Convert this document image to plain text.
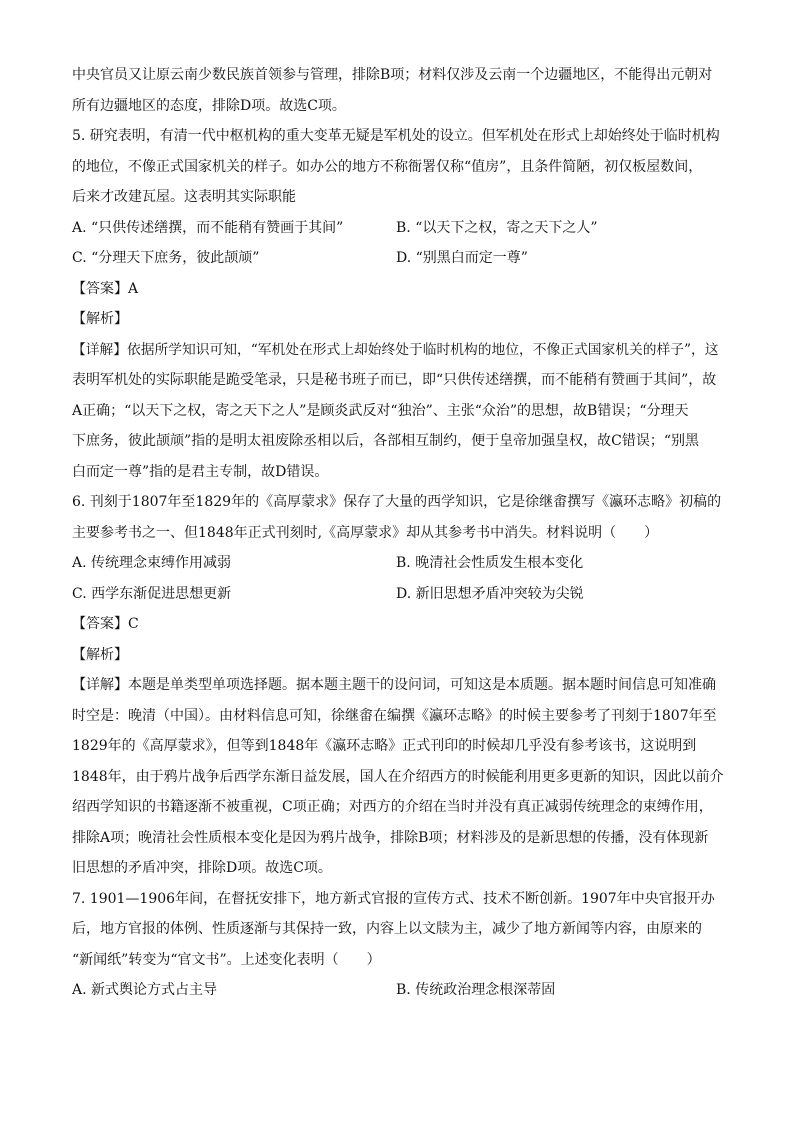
中央官员又让原云南少数民族首领参与管理，排除B项；材料仅涉及云南一个边疆地区，不能得出元朝对
所有边疆地区的态度，排除D项。故选C项。
5. 研究表明，有清一代中枢机构的重大变革无疑是军机处的设立。但军机处在形式上却始终处于临时机构
的地位，不像正式国家机关的样子。如办公的地方不称衙署仅称“值房”，且条件简陋，初仅板屋数间，
后来才改建瓦屋。这表明其实际职能
A. “只供传述缮撰，而不能稍有赞画于其间”	B. “以天下之权，寄之天下之人”
C. “分理天下庶务，彼此颉颃”	D. “别黑白而定一尊”
【答案】A
【解析】
【详解】依据所学知识可知，“军机处在形式上却始终处于临时机构的地位，不像正式国家机关的样子”，这
表明军机处的实际职能是跪受笔录，只是秘书班子而已，即“只供传述缮撰，而不能稍有赞画于其间”，故
A正确；“以天下之权，寄之天下之人”是顾炎武反对“独治”、主张“众治”的思想，故B错误；“分理天
下庶务，彼此颉颃”指的是明太祖废除丞相以后，各部相互制约，便于皇帝加强皇权，故C错误；“别黑
白而定一尊”指的是君主专制，故D错误。
6. 刊刻于1807年至1829年的《高厚蒙求》保存了大量的西学知识，它是徐继畬撰写《瀛环志略》初稿的
主要参考书之一、但1848年正式刊刻时,《高厚蒙求》却从其参考书中消失。材料说明（　　）
A. 传统理念束缚作用减弱	B. 晚清社会性质发生根本变化
C. 西学东渐促进思想更新	D. 新旧思想矛盾冲突较为尖锐
【答案】C
【解析】
【详解】本题是单类型单项选择题。据本题主题干的设问词，可知这是本质题。据本题时间信息可知准确
时空是：晚清（中国）。由材料信息可知，徐继畬在编撰《瀛环志略》的时候主要参考了刊刻于1807年至
1829年的《高厚蒙求》，但等到1848年《瀛环志略》正式刊印的时候却几乎没有参考该书，这说明到
1848年，由于鸦片战争后西学东渐日益发展，国人在介绍西方的时候能利用更多更新的知识，因此以前介
绍西学知识的书籍逐渐不被重视，C项正确；对西方的介绍在当时并没有真正减弱传统理念的束缚作用，
排除A项；晚清社会性质根本变化是因为鸦片战争，排除B项；材料涉及的是新思想的传播，没有体现新
旧思想的矛盾冲突，排除D项。故选C项。
7. 1901—1906年间，在督抚安排下，地方新式官报的宣传方式、技术不断创新。1907年中央官报开办
后，地方官报的体例、性质逐渐与其保持一致，内容上以文牍为主，减少了地方新闻等内容，由原来的
“新闻纸”转变为“官文书”。上述变化表明（　　）
A. 新式舆论方式占主导	B. 传统政治理念根深蒂固
